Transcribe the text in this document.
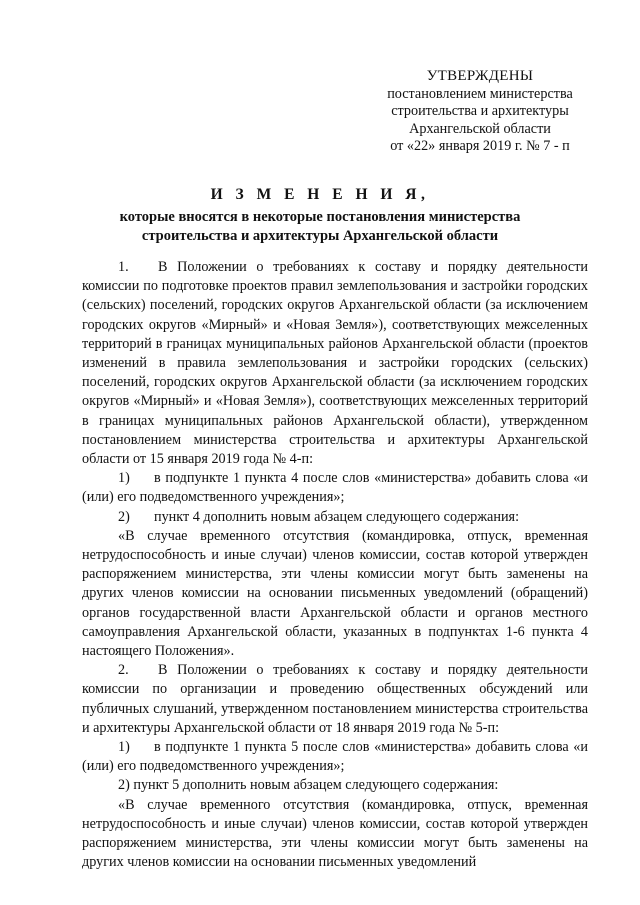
УТВЕРЖДЕНЫ
постановлением министерства
строительства и архитектуры
Архангельской области
от «22» января 2019 г. № 7 - п
И З М Е Н Е Н И Я,
которые вносятся в некоторые постановления министерства
строительства и архитектуры Архангельской области

1. В Положении о требованиях к составу и порядку деятельности комиссии по подготовке проектов правил землепользования и застройки городских (сельских) поселений, городских округов Архангельской области (за исключением городских округов «Мирный» и «Новая Земля»), соответствующих межселенных территорий в границах муниципальных районов Архангельской области (проектов изменений в правила землепользования и застройки городских (сельских) поселений, городских округов Архангельской области (за исключением городских округов «Мирный» и «Новая Земля»), соответствующих межселенных территорий в границах муниципальных районов Архангельской области), утвержденном постановлением министерства строительства и архитектуры Архангельской области от 15 января 2019 года № 4-п:

1) в подпункте 1 пункта 4 после слов «министерства» добавить слова «и (или) его подведомственного учреждения»;

2) пункт 4 дополнить новым абзацем следующего содержания:

«В случае временного отсутствия (командировка, отпуск, временная нетрудоспособность и иные случаи) членов комиссии, состав которой утвержден распоряжением министерства, эти члены комиссии могут быть заменены на других членов комиссии на основании письменных уведомлений (обращений) органов государственной власти Архангельской области и органов местного самоуправления Архангельской области, указанных в подпунктах 1-6 пункта 4 настоящего Положения».

2. В Положении о требованиях к составу и порядку деятельности комиссии по организации и проведению общественных обсуждений или публичных слушаний, утвержденном постановлением министерства строительства и архитектуры Архангельской области от 18 января 2019 года № 5-п:

1) в подпункте 1 пункта 5 после слов «министерства» добавить слова «и (или) его подведомственного учреждения»;

2) пункт 5 дополнить новым абзацем следующего содержания:

«В случае временного отсутствия (командировка, отпуск, временная нетрудоспособность и иные случаи) членов комиссии, состав которой утвержден распоряжением министерства, эти члены комиссии могут быть заменены на других членов комиссии на основании письменных уведомлений
